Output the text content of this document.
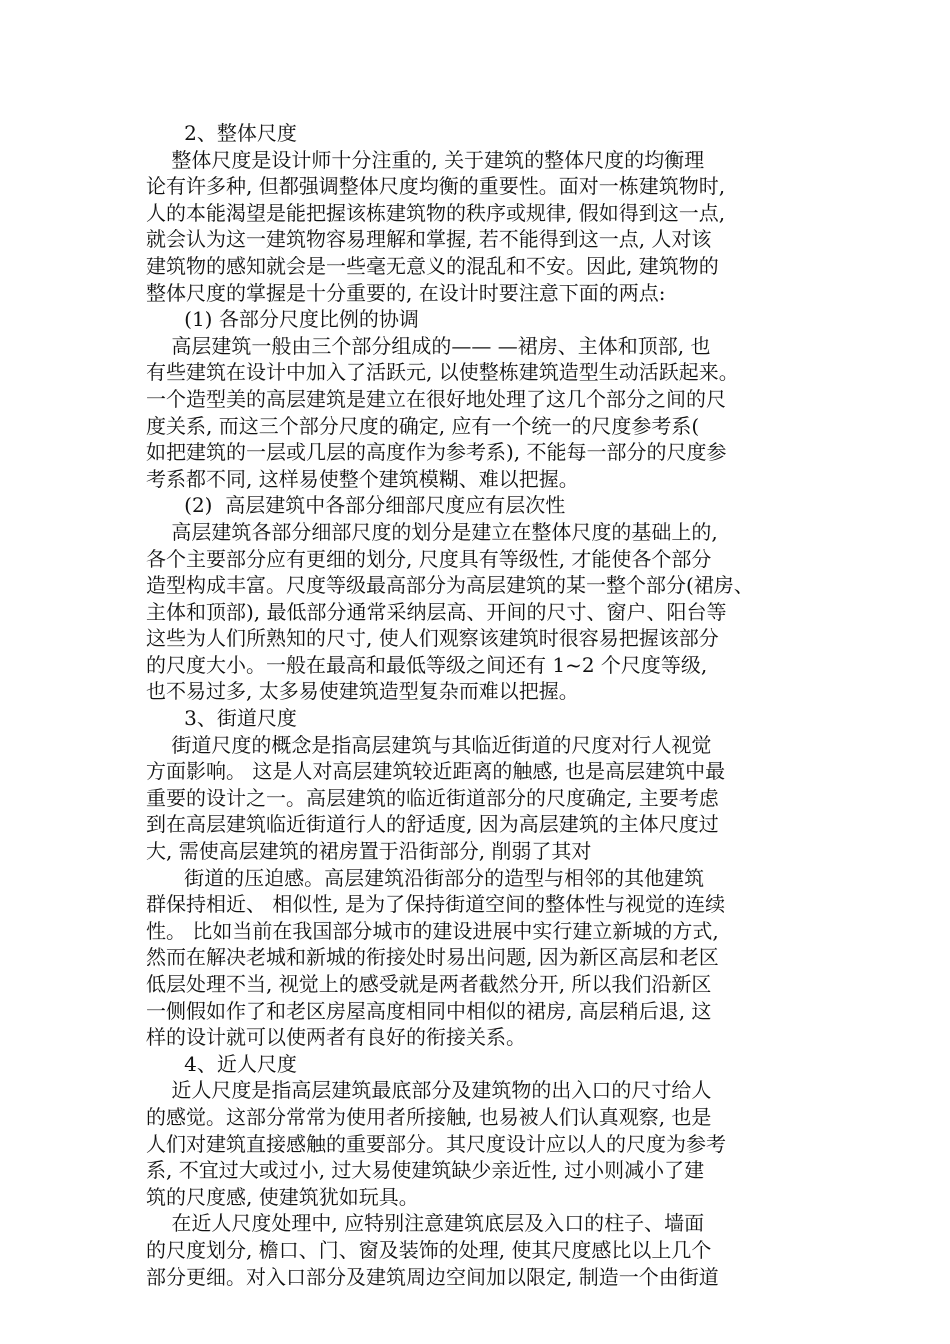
2、整体尺度
整体尺度是设计师十分注重的, 关于建筑的整体尺度的均衡理
论有许多种, 但都强调整体尺度均衡的重要性。面对一栋建筑物时,
人的本能渴望是能把握该栋建筑物的秩序或规律, 假如得到这一点,
就会认为这一建筑物容易理解和掌握, 若不能得到这一点, 人对该
建筑物的感知就会是一些毫无意义的混乱和不安。因此, 建筑物的
整体尺度的掌握是十分重要的, 在设计时要注意下面的两点:
(1) 各部分尺度比例的协调
高层建筑一般由三个部分组成的—— —裙房、主体和顶部, 也
有些建筑在设计中加入了活跃元, 以使整栋建筑造型生动活跃起来。
一个造型美的高层建筑是建立在很好地处理了这几个部分之间的尺
度关系, 而这三个部分尺度的确定, 应有一个统一的尺度参考系(
如把建筑的一层或几层的高度作为参考系), 不能每一部分的尺度参
考系都不同, 这样易使整个建筑模糊、难以把握。
(2)  高层建筑中各部分细部尺度应有层次性
高层建筑各部分细部尺度的划分是建立在整体尺度的基础上的,
各个主要部分应有更细的划分, 尺度具有等级性, 才能使各个部分
造型构成丰富。尺度等级最高部分为高层建筑的某一整个部分(裙房、
主体和顶部), 最低部分通常采纳层高、开间的尺寸、窗户、阳台等
这些为人们所熟知的尺寸, 使人们观察该建筑时很容易把握该部分
的尺度大小。一般在最高和最低等级之间还有 1~2 个尺度等级,
也不易过多, 太多易使建筑造型复杂而难以把握。
3、街道尺度
街道尺度的概念是指高层建筑与其临近街道的尺度对行人视觉
方面影响。 这是人对高层建筑较近距离的触感, 也是高层建筑中最
重要的设计之一。高层建筑的临近街道部分的尺度确定, 主要考虑
到在高层建筑临近街道行人的舒适度, 因为高层建筑的主体尺度过
大, 需使高层建筑的裙房置于沿街部分, 削弱了其对
街道的压迫感。高层建筑沿街部分的造型与相邻的其他建筑
群保持相近、 相似性, 是为了保持街道空间的整体性与视觉的连续
性。 比如当前在我国部分城市的建设进展中实行建立新城的方式,
然而在解决老城和新城的衔接处时易出问题, 因为新区高层和老区
低层处理不当, 视觉上的感受就是两者截然分开, 所以我们沿新区
一侧假如作了和老区房屋高度相同中相似的裙房, 高层稍后退, 这
样的设计就可以使两者有良好的衔接关系。
4、近人尺度
近人尺度是指高层建筑最底部分及建筑物的出入口的尺寸给人
的感觉。这部分常常为使用者所接触, 也易被人们认真观察, 也是
人们对建筑直接感触的重要部分。其尺度设计应以人的尺度为参考
系, 不宜过大或过小, 过大易使建筑缺少亲近性, 过小则减小了建
筑的尺度感, 使建筑犹如玩具。
在近人尺度处理中, 应特别注意建筑底层及入口的柱子、墙面
的尺度划分, 檐口、门、窗及装饰的处理, 使其尺度感比以上几个
部分更细。对入口部分及建筑周边空间加以限定, 制造一个由街道
